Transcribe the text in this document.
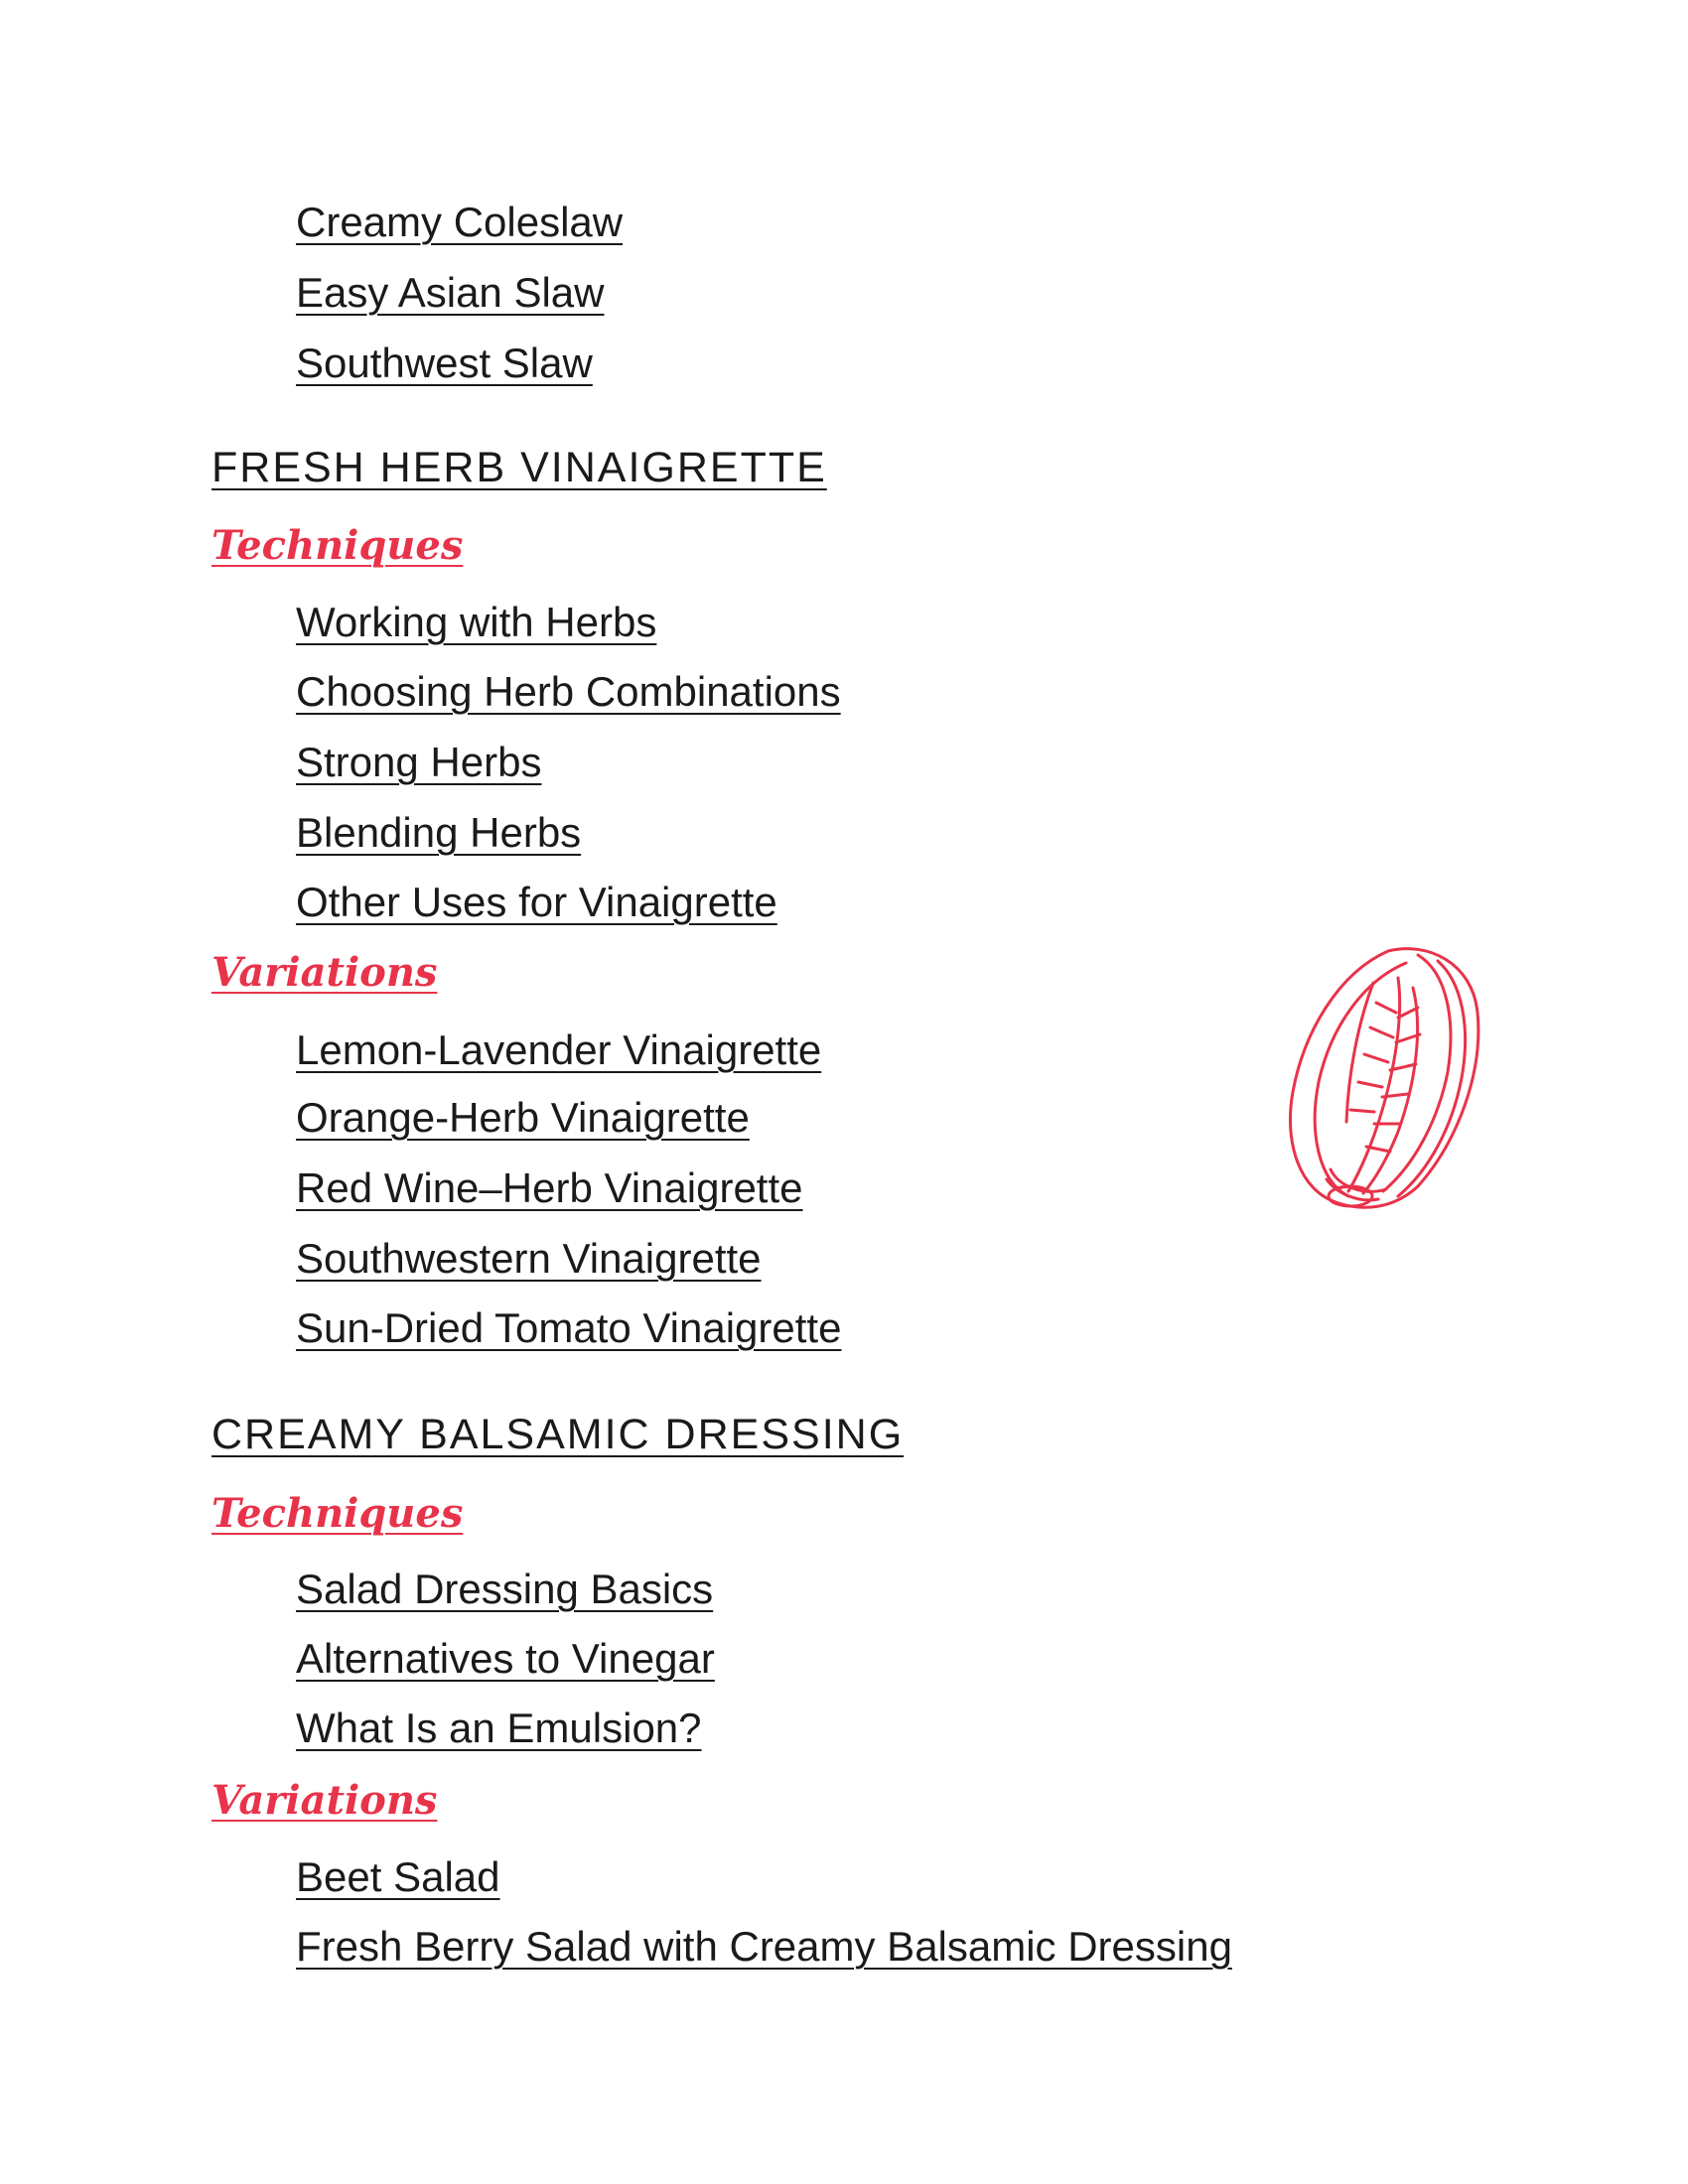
Creamy Coleslaw
Easy Asian Slaw
Southwest Slaw
FRESH HERB VINAIGRETTE
Techniques
Working with Herbs
Choosing Herb Combinations
Strong Herbs
Blending Herbs
Other Uses for Vinaigrette
Variations
Lemon-Lavender Vinaigrette
Orange-Herb Vinaigrette
Red Wine–Herb Vinaigrette
Southwestern Vinaigrette
Sun-Dried Tomato Vinaigrette
CREAMY BALSAMIC DRESSING
Techniques
Salad Dressing Basics
Alternatives to Vinegar
What Is an Emulsion?
Variations
Beet Salad
Fresh Berry Salad with Creamy Balsamic Dressing
